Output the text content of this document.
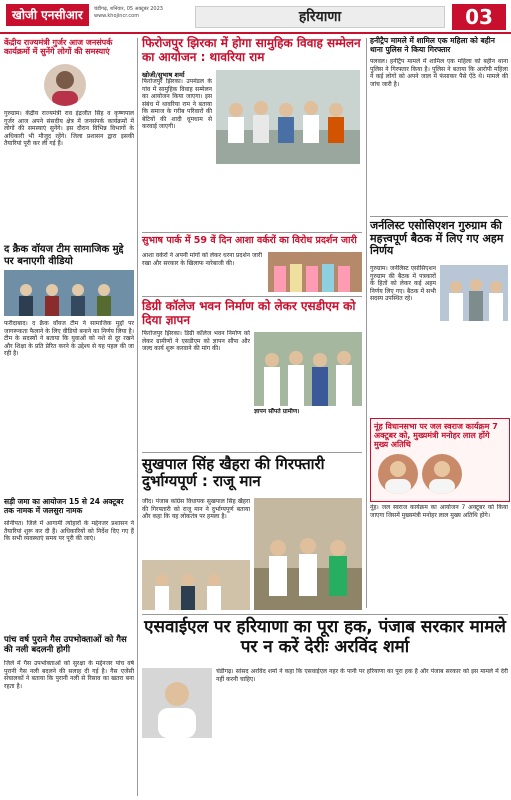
खोजी एनसीआर	चंडीगढ़, शनिवार, 05 अक्टूबर 2023
www.khojincr.com	हरियाणा	03
केंद्रीय राज्यमंत्री गुर्जर आज जनसंपर्क कार्यक्रमों में सुनेंगे लोगों की समस्याएं
गुरुग्राम। केंद्रीय राज्यमंत्री राव इंद्रजीत सिंह व कृष्णपाल गुर्जर आज अपने संसदीय क्षेत्र में जनसंपर्क कार्यक्रमों में लोगों की समस्याएं सुनेंगे। इस दौरान विभिन्न विभागों के अधिकारी भी मौजूद रहेंगे। जिला प्रशासन द्वारा इसकी तैयारियां पूरी कर ली गई हैं।
द क्रैक वॉयज टीम सामाजिक मुद्दे पर बनाएगी वीडियो
फरीदाबाद। द क्रैक वॉयज टीम ने सामाजिक मुद्दों पर जागरूकता फैलाने के लिए वीडियो बनाने का निर्णय लिया है। टीम के सदस्यों ने बताया कि युवाओं को नशे से दूर रखने और शिक्षा के प्रति प्रेरित करने के उद्देश्य से यह पहल की जा रही है।
सड़ी जमा का आयोजन 15 से 24 अक्टूबर तक नामक में जलसुरा नामक
सोनीपत। जिले में आगामी त्योहारों के मद्देनजर प्रशासन ने तैयारियां शुरू कर दी हैं। अधिकारियों को निर्देश दिए गए हैं कि सभी व्यवस्थाएं समय पर पूरी की जाएं।
पांच वर्ष पुराने गैस उपभोक्ताओं को गैस की नली बदलनी होगी
जिले में गैस उपभोक्ताओं को सुरक्षा के मद्देनजर पांच वर्ष पुरानी गैस नली बदलने की सलाह दी गई है। गैस एजेंसी संचालकों ने बताया कि पुरानी नली से रिसाव का खतरा बना रहता है।
फिरोजपुर झिरका में होगा सामुहिक विवाह सम्मेलन का आयोजन : थावरिया राम
खोजी/सुभाष शर्मा
फिरोजपुर झिरका। उपमंडल के गांव में सामुहिक विवाह सम्मेलन का आयोजन किया जाएगा। इस संबंध में थावरिया राम ने बताया कि समाज के गरीब परिवारों की बेटियों की शादी धूमधाम से करवाई जाएगी।
सुभाष पार्क में 59 वें दिन आशा वर्करों का विरोध प्रदर्शन जारी
आशा वर्करों ने अपनी मांगों को लेकर धरना प्रदर्शन जारी रखा और सरकार के खिलाफ नारेबाजी की।
डिग्री कॉलेज भवन निर्माण को लेकर एसडीएम को दिया ज्ञापन
फिरोजपुर झिरका। डिग्री कॉलेज भवन निर्माण को लेकर ग्रामीणों ने एसडीएम को ज्ञापन सौंपा और जल्द कार्य शुरू करवाने की मांग की।
ज्ञापन सौंपते ग्रामीण।
सुखपाल सिंह खैहरा की गिरफ्तारी दुर्भाग्यपूर्ण : राजू मान
जींद। पंजाब कांग्रेस विधायक सुखपाल सिंह खैहरा की गिरफ्तारी को राजू मान ने दुर्भाग्यपूर्ण बताया और कहा कि यह लोकतंत्र पर हमला है।
हनीट्रैप मामले में शामिल एक महिला को बहीन थाना पुलिस ने किया गिरफ्तार
पलवल। हनीट्रैप मामले में शामिल एक महिला को बहीन थाना पुलिस ने गिरफ्तार किया है। पुलिस ने बताया कि आरोपी महिला ने कई लोगों को अपने जाल में फंसाकर पैसे ऐंठे थे। मामले की जांच जारी है।
जर्नलिस्ट एसोसिएशन गुरुग्राम की महत्त्वपूर्ण बैठक में लिए गए अहम निर्णय
गुरुग्राम। जर्नलिस्ट एसोसिएशन गुरुग्राम की बैठक में पत्रकारों के हितों को लेकर कई अहम निर्णय लिए गए। बैठक में सभी सदस्य उपस्थित रहे।
नूंह विधानसभा पर जल स्वराज कार्यक्रम 7 अक्टूबर को, मुख्यमंत्री मनोहर लाल होंगे मुख्य अतिथि
नूंह। जल स्वराज कार्यक्रम का आयोजन 7 अक्टूबर को किया जाएगा जिसमें मुख्यमंत्री मनोहर लाल मुख्य अतिथि होंगे।
एसवाईएल पर हरियाणा का पूरा हक, पंजाब सरकार मामले पर न करें देरीः अरविंद शर्मा
चंडीगढ़। सांसद अरविंद शर्मा ने कहा कि एसवाईएल नहर के पानी पर हरियाणा का पूरा हक है और पंजाब सरकार को इस मामले में देरी नहीं करनी चाहिए।
